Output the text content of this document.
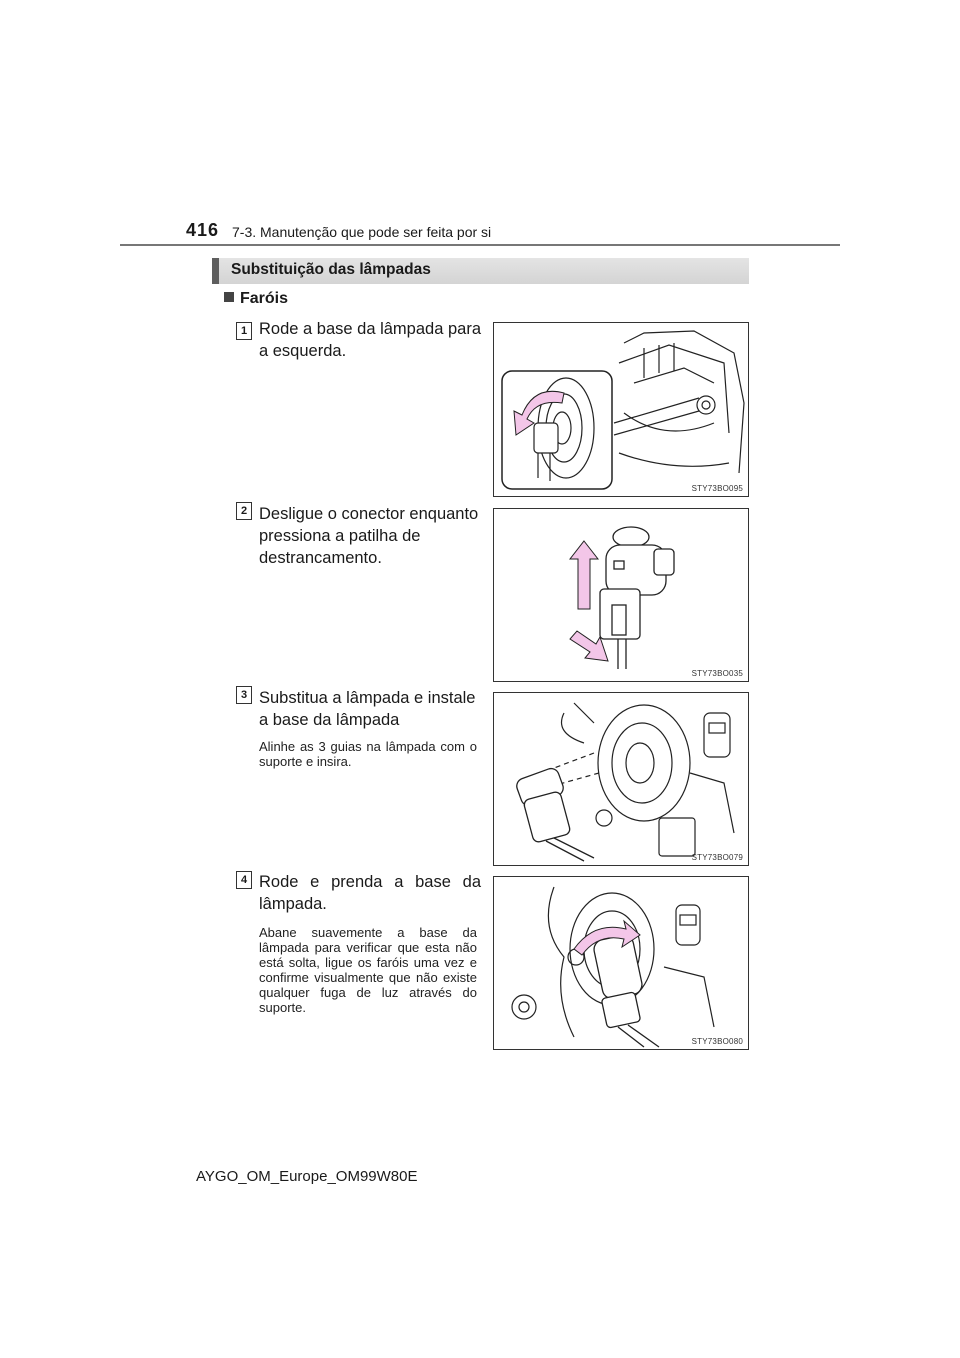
416 7-3. Manutenção que pode ser feita por si
Substituição das lâmpadas
Faróis
1 Rode a base da lâmpada para a esquerda.
STY73BO095
2 Desligue o conector enquanto pressiona a patilha de destrancamento.
STY73BO035
3 Substitua a lâmpada e instale a base da lâmpada
Alinhe as 3 guias na lâmpada com o suporte e insira.
STY73BO079
4 Rode e prenda a base da lâmpada.
Abane suavemente a base da lâmpada para verificar que esta não está solta, ligue os faróis uma vez e confirme visualmente que não existe qualquer fuga de luz através do suporte.
STY73BO080
AYGO_OM_Europe_OM99W80E
